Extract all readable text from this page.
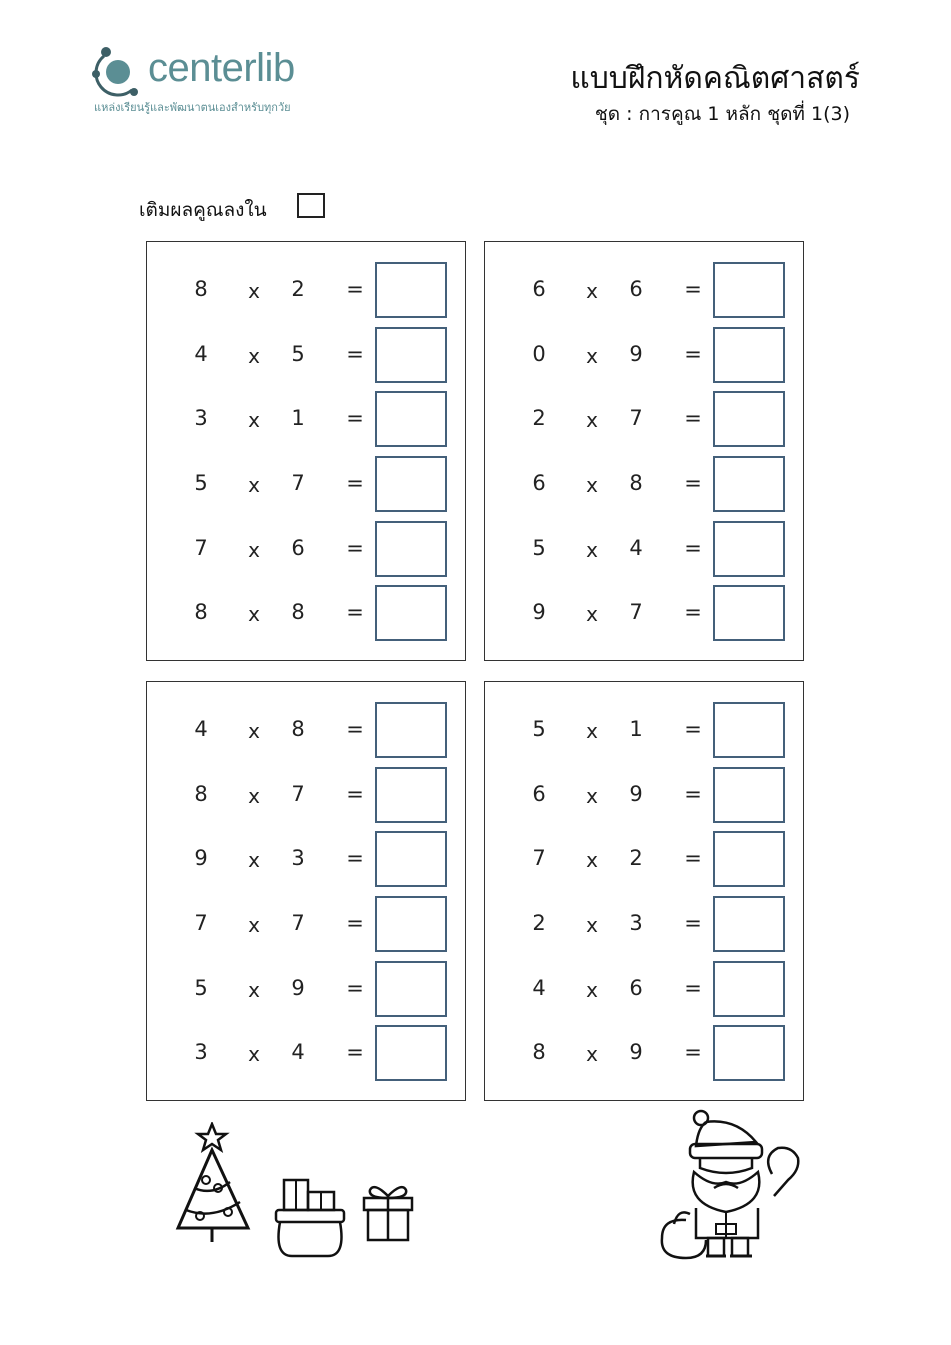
centerlib
แหล่งเรียนรู้และพัฒนาตนเองสำหรับทุกวัย
แบบฝึกหัดคณิตศาสตร์
ชุด : การคูณ 1 หลัก ชุดที่ 1(3)
เติมผลคูณลงใน
8	x 2 =
4	x 5 =
3	x 1 =
5	x 7 =
7	x 6 =
8	x 8 =
6	x 6 =
0	x 9 =
2	x 7 =
6	x 8 =
5	x 4 =
9	x 7 =
4	x 8 =
8	x 7 =
9	x 3 =
7	x 7 =
5	x 9 =
3	x 4 =
5	x 1 =
6	x 9 =
7	x 2 =
2	x 3 =
4	x 6 =
8	x 9 =
